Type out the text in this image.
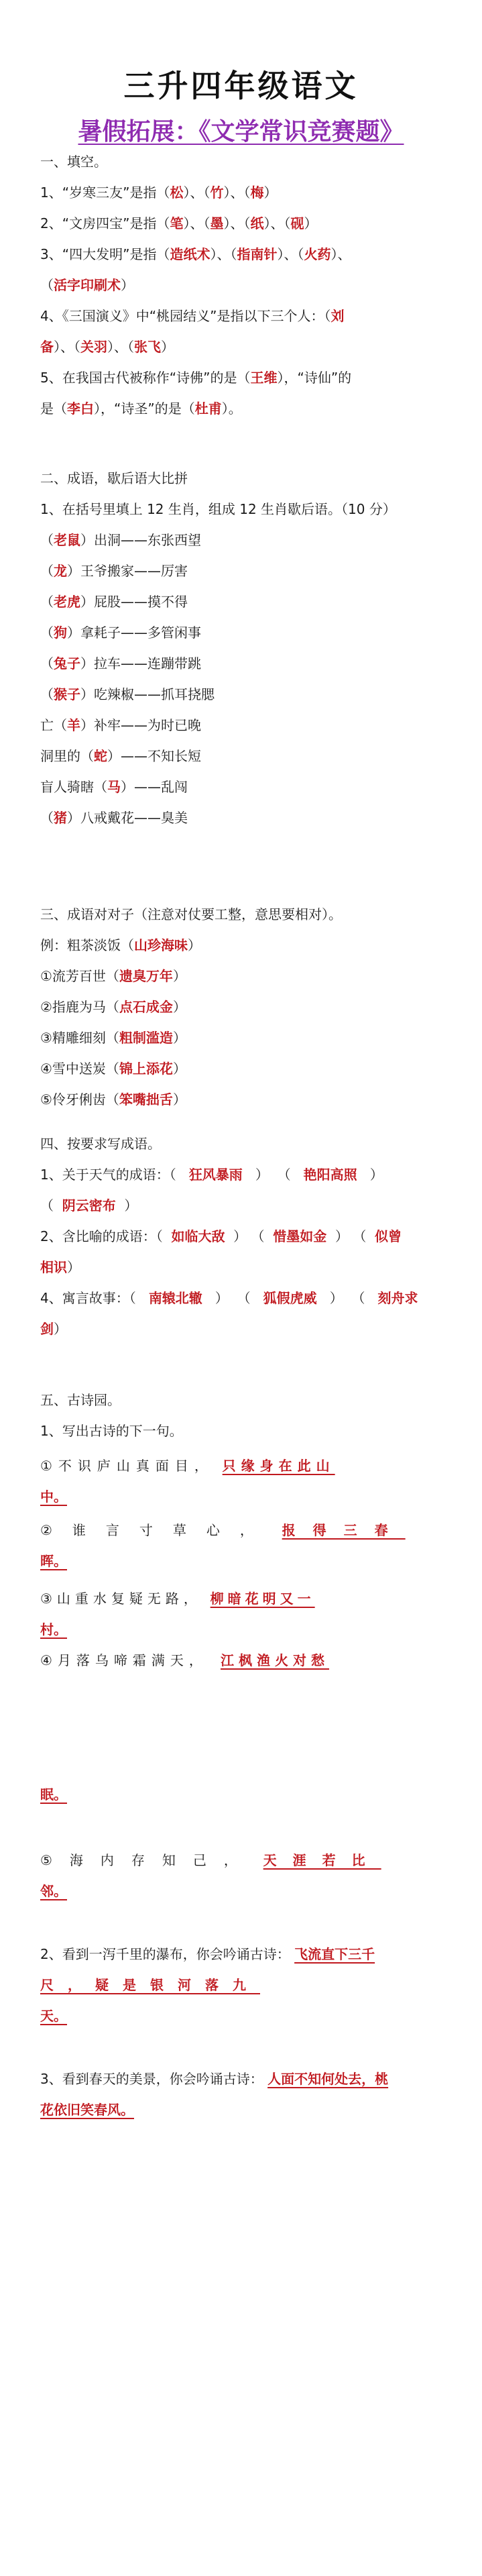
三升四年级语文
暑假拓展：《文学常识竞赛题》
一、填空。
1、“岁寒三友”是指（松）、（竹）、（梅）
2、“文房四宝”是指（笔）、（墨）、（纸）、（砚）
3、“四大发明”是指（造纸术）、（指南针）、（火药）、
（活字印刷术）
4、《三国演义》中“桃园结义”是指以下三个人：（刘
备）、（关羽）、（张飞）
5、在我国古代被称作“诗佛”的是（王维），“诗仙”的
是（李白），“诗圣”的是（杜甫）。
二、成语，歇后语大比拼
1、在括号里填上 12 生肖，组成 12 生肖歇后语。（10 分）
（老鼠）出洞——东张西望
（龙）王爷搬家——厉害
（老虎）屁股——摸不得
（狗）拿耗子——多管闲事
（兔子）拉车——连蹦带跳
（猴子）吃辣椒——抓耳挠腮
亡（羊）补牢——为时已晚
洞里的（蛇）——不知长短
盲人骑瞎（马）——乱闯
（猪）八戒戴花——臭美
三、成语对对子（注意对仗要工整，意思要相对）。
例：粗茶淡饭（山珍海味）
①流芳百世（遗臭万年）
②指鹿为马（点石成金）
③精雕细刻（粗制滥造）
④雪中送炭（锦上添花）
⑤伶牙俐齿（笨嘴拙舌）
四、按要求写成语。
1、关于天气的成语：（ 狂风暴雨   ）  （   艳阳高照   ）
（  阴云密布  ）
2、含比喻的成语：（ 如临大敌  ） （  惜墨如金  ） （  似曾
相识）
4、寓言故事：（ 南辕北辙   ）  （   狐假虎威   ）  （   刻舟求
剑）
五、古诗园。
1、写出古诗的下一句。
①不识庐山真面目， 只缘身在此山
中。
②谁言寸草心， 报得三春
晖。
③山重水复疑无路， 柳暗花明又一
村。
④月落乌啼霜满天， 江枫渔火对愁
眠。
⑤海内存知己， 天涯若比
邻。
2、看到一泻千里的瀑布，你会吟诵古诗： 飞流直下三千
尺，疑是银河落九
天。
3、看到春天的美景，你会吟诵古诗： 人面不知何处去，桃
花依旧笑春风。
